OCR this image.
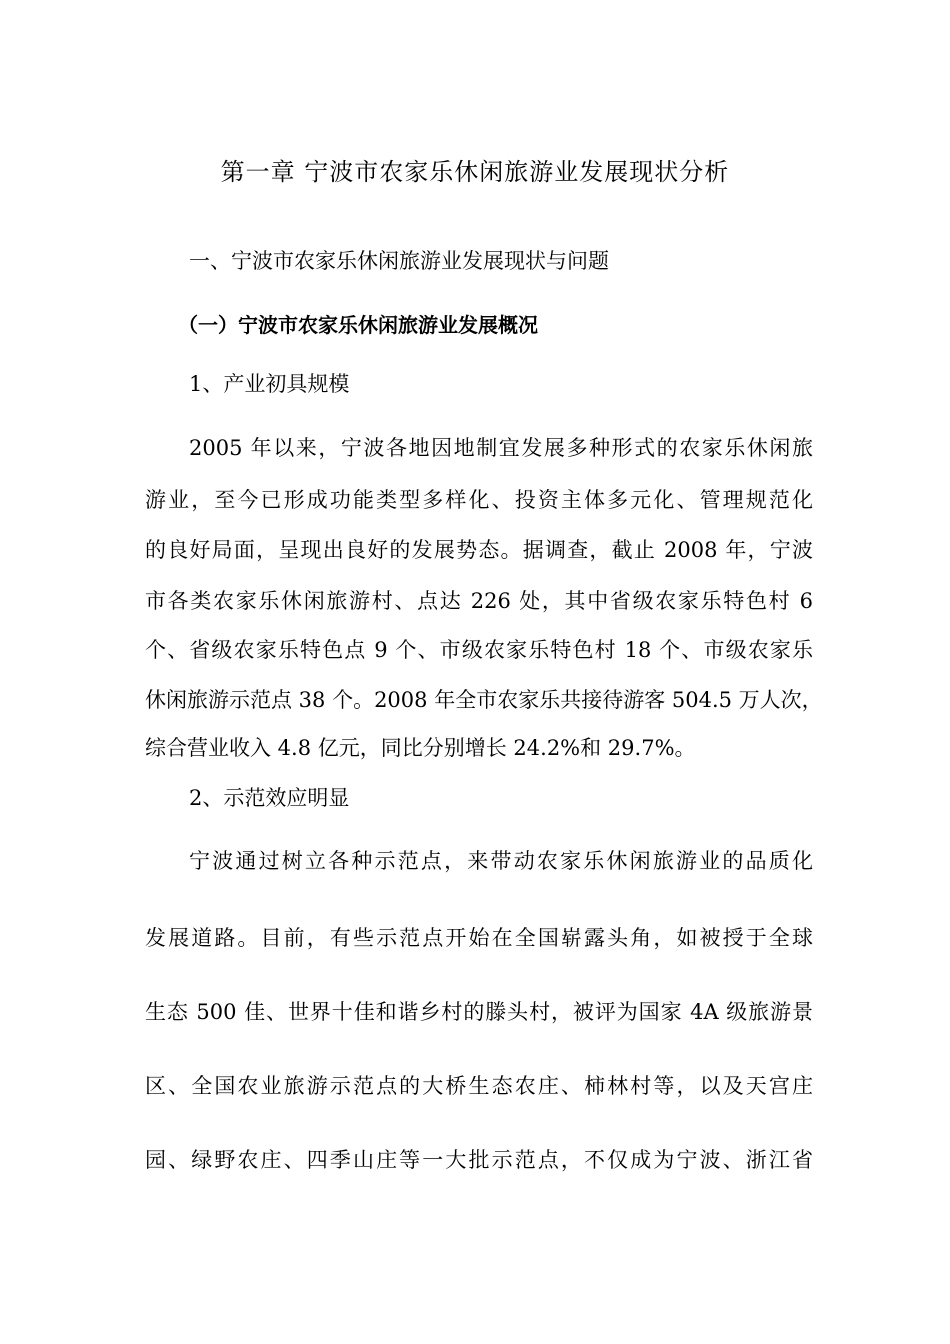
第一章 宁波市农家乐休闲旅游业发展现状分析
一、宁波市农家乐休闲旅游业发展现状与问题
（一）宁波市农家乐休闲旅游业发展概况
1、产业初具规模
2005 年以来，宁波各地因地制宜发展多种形式的农家乐休闲旅
游业，至今已形成功能类型多样化、投资主体多元化、管理规范化
的良好局面，呈现出良好的发展势态。据调查，截止 2008 年，宁波
市各类农家乐休闲旅游村、点达 226 处，其中省级农家乐特色村 6
个、省级农家乐特色点 9 个、市级农家乐特色村 18 个、市级农家乐
休闲旅游示范点 38 个。2008 年全市农家乐共接待游客 504.5 万人次，
综合营业收入 4.8 亿元，同比分别增长 24.2%和 29.7%。
2、示范效应明显
宁波通过树立各种示范点，来带动农家乐休闲旅游业的品质化
发展道路。目前，有些示范点开始在全国崭露头角，如被授于全球
生态 500 佳、世界十佳和谐乡村的滕头村，被评为国家 4A 级旅游景
区、全国农业旅游示范点的大桥生态农庄、柿林村等，以及天宫庄
园、绿野农庄、四季山庄等一大批示范点，不仅成为宁波、浙江省
